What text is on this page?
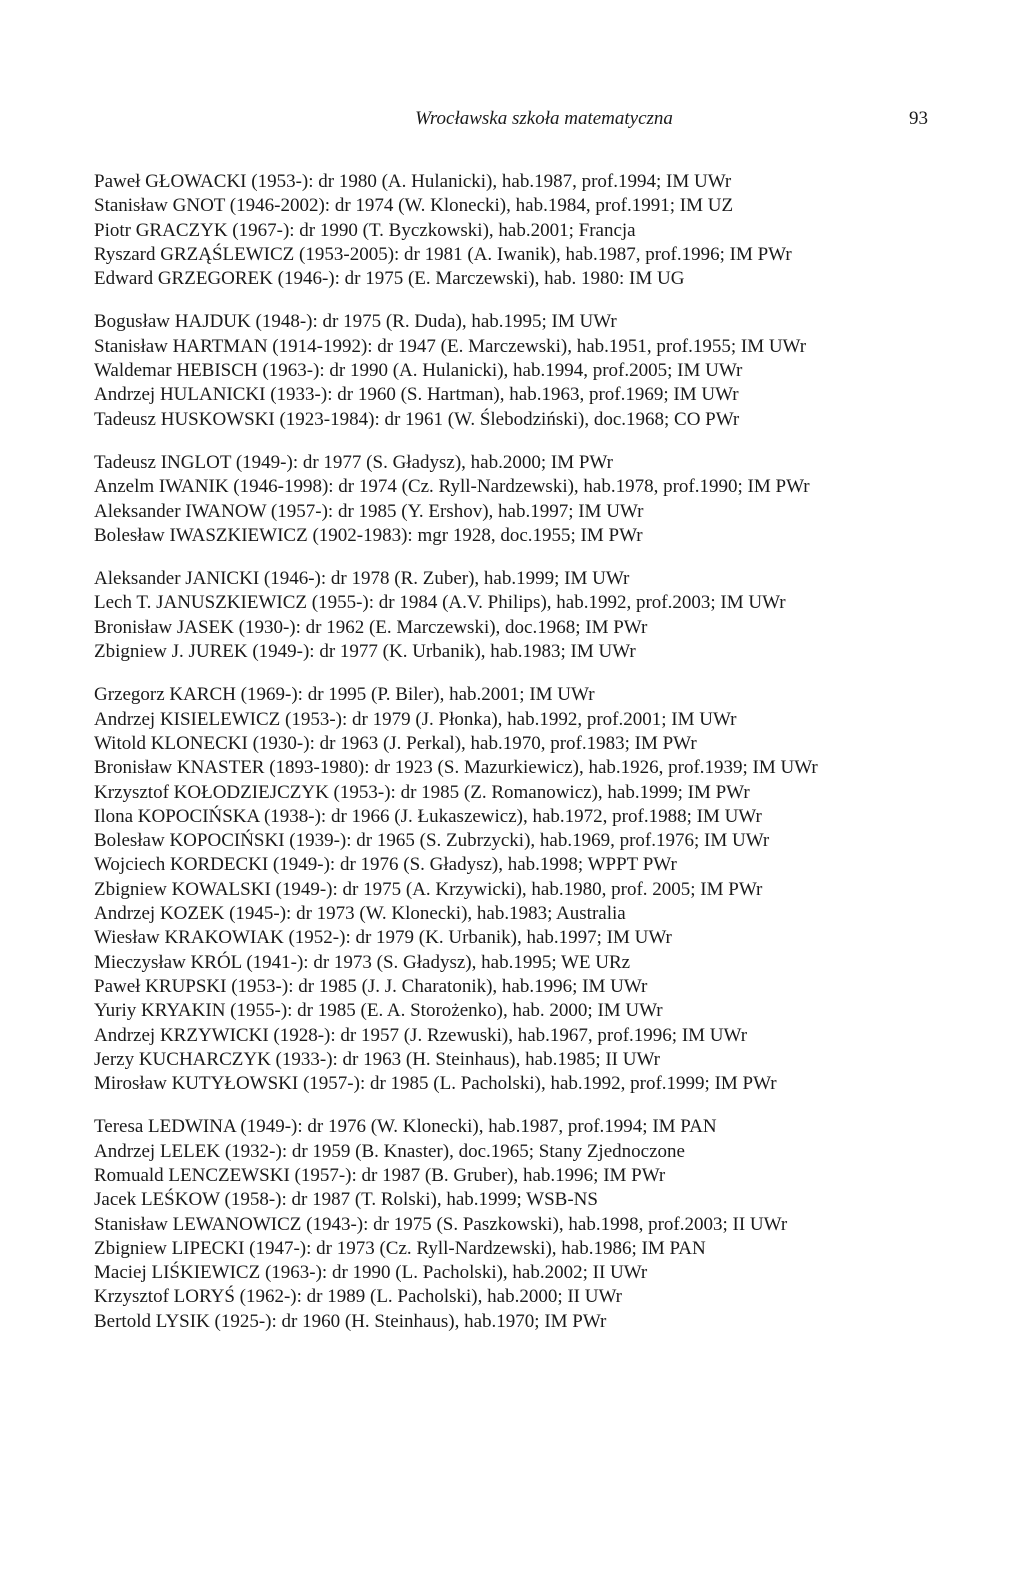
Wrocławska szkoła matematyczna	93
Paweł GŁOWACKI (1953-): dr 1980 (A. Hulanicki), hab.1987, prof.1994; IM UWr
Stanisław GNOT (1946-2002): dr 1974 (W. Klonecki), hab.1984, prof.1991; IM UZ
Piotr GRACZYK (1967-): dr 1990 (T. Byczkowski), hab.2001; Francja
Ryszard GRZĄŚLEWICZ (1953-2005): dr 1981 (A. Iwanik), hab.1987, prof.1996; IM PWr
Edward GRZEGOREK (1946-): dr 1975 (E. Marczewski), hab. 1980: IM UG
Bogusław HAJDUK (1948-): dr 1975 (R. Duda), hab.1995; IM UWr
Stanisław HARTMAN (1914-1992): dr 1947 (E. Marczewski), hab.1951, prof.1955; IM UWr
Waldemar HEBISCH (1963-): dr 1990 (A. Hulanicki), hab.1994, prof.2005; IM UWr
Andrzej HULANICKI (1933-): dr 1960 (S. Hartman), hab.1963, prof.1969; IM UWr
Tadeusz HUSKOWSKI (1923-1984): dr 1961 (W. Ślebodziński), doc.1968; CO PWr
Tadeusz INGLOT (1949-): dr 1977 (S. Gładysz), hab.2000; IM PWr
Anzelm IWANIK (1946-1998): dr 1974 (Cz. Ryll-Nardzewski), hab.1978, prof.1990; IM PWr
Aleksander IWANOW (1957-): dr 1985 (Y. Ershov), hab.1997; IM UWr
Bolesław IWASZKIEWICZ (1902-1983): mgr 1928, doc.1955; IM PWr
Aleksander JANICKI (1946-): dr 1978 (R. Zuber), hab.1999; IM UWr
Lech T. JANUSZKIEWICZ (1955-): dr 1984 (A.V. Philips), hab.1992, prof.2003; IM UWr
Bronisław JASEK (1930-): dr 1962 (E. Marczewski), doc.1968; IM PWr
Zbigniew J. JUREK (1949-): dr 1977 (K. Urbanik), hab.1983; IM UWr
Grzegorz KARCH (1969-): dr 1995 (P. Biler), hab.2001; IM UWr
Andrzej KISIELEWICZ (1953-): dr 1979 (J. Płonka), hab.1992, prof.2001; IM UWr
Witold KLONECKI (1930-): dr 1963 (J. Perkal), hab.1970, prof.1983; IM PWr
Bronisław KNASTER (1893-1980): dr 1923 (S. Mazurkiewicz), hab.1926, prof.1939; IM UWr
Krzysztof KOŁODZIEJCZYK (1953-): dr 1985 (Z. Romanowicz), hab.1999; IM PWr
Ilona KOPOCIŃSKA (1938-): dr 1966 (J. Łukaszewicz), hab.1972, prof.1988; IM UWr
Bolesław KOPOCIŃSKI (1939-): dr 1965 (S. Zubrzycki), hab.1969, prof.1976; IM UWr
Wojciech KORDECKI (1949-): dr 1976 (S. Gładysz), hab.1998; WPPT PWr
Zbigniew KOWALSKI (1949-): dr 1975 (A. Krzywicki), hab.1980, prof. 2005; IM PWr
Andrzej KOZEK (1945-): dr 1973 (W. Klonecki), hab.1983; Australia
Wiesław KRAKOWIAK (1952-): dr 1979 (K. Urbanik), hab.1997; IM UWr
Mieczysław KRÓL (1941-): dr 1973 (S. Gładysz), hab.1995; WE URz
Paweł KRUPSKI (1953-): dr 1985 (J. J. Charatonik), hab.1996; IM UWr
Yuriy KRYAKIN (1955-): dr 1985 (E. A. Storożenko), hab. 2000; IM UWr
Andrzej KRZYWICKI (1928-): dr 1957 (J. Rzewuski), hab.1967, prof.1996; IM UWr
Jerzy KUCHARCZYK (1933-): dr 1963 (H. Steinhaus), hab.1985; II UWr
Mirosław KUTYŁOWSKI (1957-): dr 1985 (L. Pacholski), hab.1992, prof.1999; IM PWr
Teresa LEDWINA (1949-): dr 1976 (W. Klonecki), hab.1987, prof.1994; IM PAN
Andrzej LELEK (1932-): dr 1959 (B. Knaster), doc.1965; Stany Zjednoczone
Romuald LENCZEWSKI (1957-): dr 1987 (B. Gruber), hab.1996; IM PWr
Jacek LEŚKOW (1958-): dr 1987 (T. Rolski), hab.1999; WSB-NS
Stanisław LEWANOWICZ (1943-): dr 1975 (S. Paszkowski), hab.1998, prof.2003; II UWr
Zbigniew LIPECKI (1947-): dr 1973 (Cz. Ryll-Nardzewski), hab.1986; IM PAN
Maciej LIŚKIEWICZ (1963-): dr 1990 (L. Pacholski), hab.2002; II UWr
Krzysztof LORYŚ (1962-): dr 1989 (L. Pacholski), hab.2000; II UWr
Bertold LYSIK (1925-): dr 1960 (H. Steinhaus), hab.1970; IM PWr
